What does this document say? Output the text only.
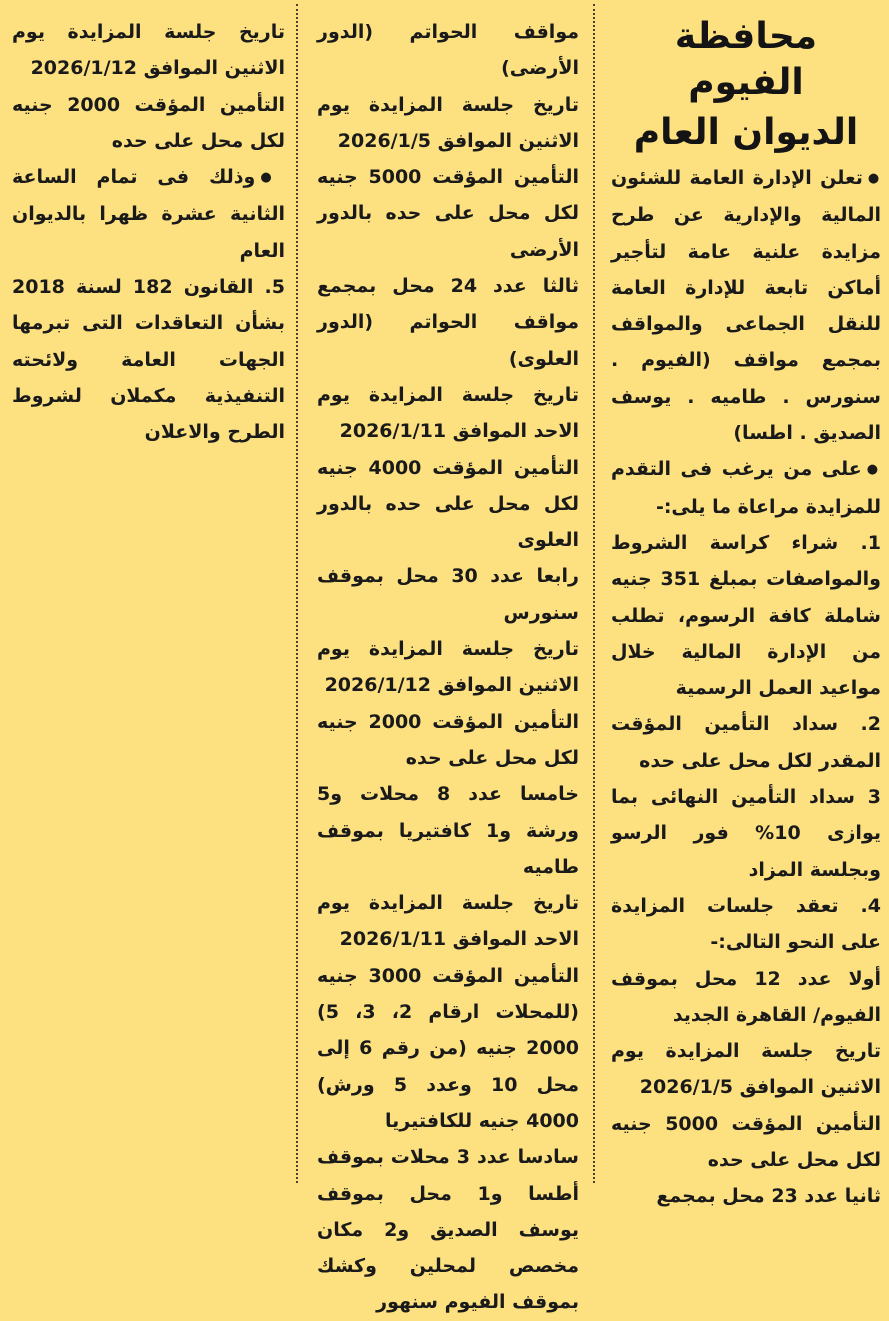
محافظة الفيوم
الديوان العام

● تعلن الإدارة العامة للشئون المالية والإدارية عن طرح مزايدة علنية عامة لتأجير أماكن تابعة للإدارة العامة للنقل الجماعى والمواقف بمجمع مواقف (الفيوم . سنورس . طاميه . يوسف الصديق . اطسا)

● على من يرغب فى التقدم للمزايدة مراعاة ما يلى:-

1. شراء كراسة الشروط والمواصفات بمبلغ 351 جنيه شاملة كافة الرسوم، تطلب من الإدارة المالية خلال مواعيد العمل الرسمية

2. سداد التأمين المؤقت المقدر لكل محل على حده

3 سداد التأمين النهائى بما يوازى 10% فور الرسو وبجلسة المزاد

4. تعقد جلسات المزايدة على النحو التالى:-

أولا عدد 12 محل بموقف الفيوم/ القاهرة الجديد

تاريخ جلسة المزايدة يوم الاثنين الموافق 2026/1/5

التأمين المؤقت 5000 جنيه لكل محل على حده

ثانيا عدد 23 محل بمجمع

مواقف الحواتم (الدور الأرضى)

تاريخ جلسة المزايدة يوم الاثنين الموافق 2026/1/5

التأمين المؤقت 5000 جنيه لكل محل على حده بالدور الأرضى

ثالثا عدد 24 محل بمجمع مواقف الحواتم (الدور العلوى)

تاريخ جلسة المزايدة يوم الاحد الموافق 2026/1/11

التأمين المؤقت 4000 جنيه لكل محل على حده بالدور العلوى

رابعا عدد 30 محل بموقف سنورس

تاريخ جلسة المزايدة يوم الاثنين الموافق 2026/1/12

التأمين المؤقت 2000 جنيه لكل محل على حده

خامسا عدد 8 محلات و5 ورشة و1 كافتيريا بموقف طاميه

تاريخ جلسة المزايدة يوم الاحد الموافق 2026/1/11

التأمين المؤقت 3000 جنيه (للمحلات ارقام 2، 3، 5) 2000 جنيه (من رقم 6 إلى محل 10 وعدد 5 ورش) 4000 جنيه للكافتيريا

سادسا عدد 3 محلات بموقف أطسا و1 محل بموقف يوسف الصديق و2 مكان مخصص لمحلين وكشك بموقف الفيوم سنهور

تاريخ جلسة المزايدة يوم الاثنين الموافق 2026/1/12

التأمين المؤقت 2000 جنيه لكل محل على حده

● وذلك فى تمام الساعة الثانية عشرة ظهرا بالديوان العام

5. القانون 182 لسنة 2018 بشأن التعاقدات التى تبرمها الجهات العامة ولائحته التنفيذية مكملان لشروط الطرح والاعلان
